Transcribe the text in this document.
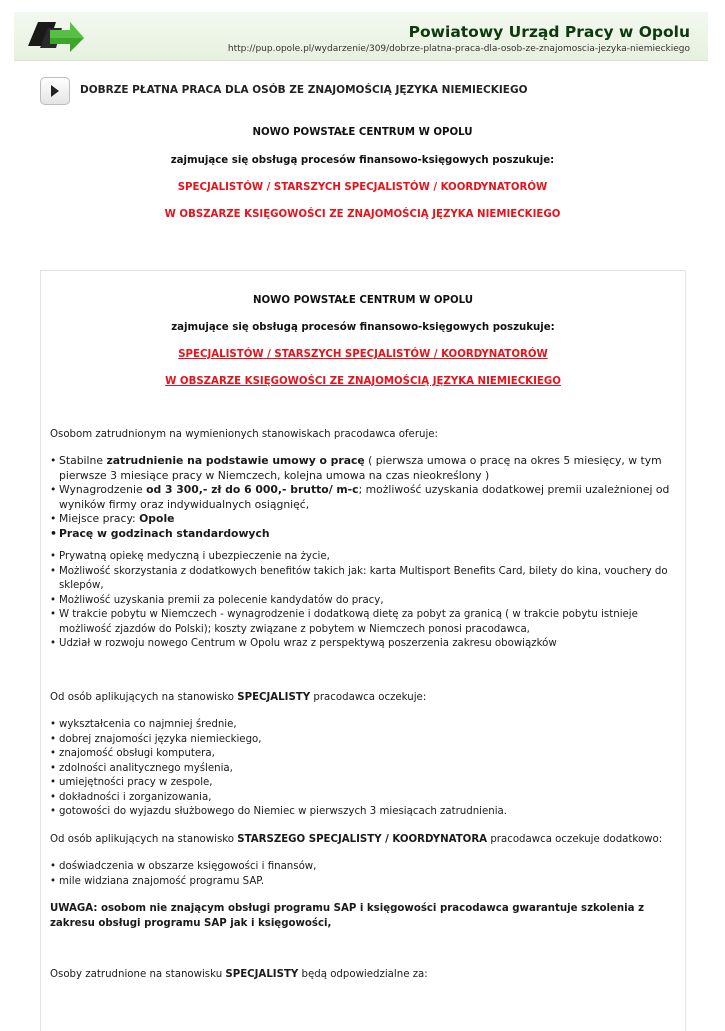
Powiatowy Urząd Pracy w Opolu
http://pup.opole.pl/wydarzenie/309/dobrze-platna-praca-dla-osob-ze-znajomoscia-jezyka-niemieckiego
DOBRZE PŁATNA PRACA DLA OSÓB ZE ZNAJOMOŚCIĄ JĘZYKA NIEMIECKIEGO
NOWO POWSTAŁE CENTRUM W OPOLU
zajmujące się obsługą procesów finansowo-księgowych poszukuje:
SPECJALISTÓW / STARSZYCH SPECJALISTÓW / KOORDYNATORÓW
W OBSZARZE KSIĘGOWOŚCI ZE ZNAJOMOŚCIĄ JĘZYKA NIEMIECKIEGO
NOWO POWSTAŁE CENTRUM W OPOLU
zajmujące się obsługą procesów finansowo-księgowych poszukuje:
SPECJALISTÓW / STARSZYCH SPECJALISTÓW / KOORDYNATORÓW
W OBSZARZE KSIĘGOWOŚCI ZE ZNAJOMOŚCIĄ JĘZYKA NIEMIECKIEGO
Osobom zatrudnionym na wymienionych stanowiskach pracodawca oferuje:
• Stabilne zatrudnienie na podstawie umowy o pracę ( pierwsza umowa o pracę na okres 5 miesięcy, w tym pierwsze 3 miesiące pracy w Niemczech, kolejna umowa na czas nieokreślony )
• Wynagrodzenie od 3 300,- zł do 6 000,- brutto/ m-c; możliwość uzyskania dodatkowej premii uzależnionej od wyników firmy oraz indywidualnych osiągnięć,
• Miejsce pracy: Opole
• Pracę w godzinach standardowych
• Prywatną opiekę medyczną i ubezpieczenie na życie,
• Możliwość skorzystania z dodatkowych benefitów takich jak: karta Multisport Benefits Card, bilety do kina, vouchery do sklepów,
• Możliwość uzyskania premii za polecenie kandydatów do pracy,
• W trakcie pobytu w Niemczech - wynagrodzenie i dodatkową dietę za pobyt za granicą ( w trakcie pobytu istnieje możliwość zjazdów do Polski); koszty związane z pobytem w Niemczech ponosi pracodawca,
• Udział w rozwoju nowego Centrum w Opolu wraz z perspektywą poszerzenia zakresu obowiązków
Od osób aplikujących na stanowisko SPECJALISTY pracodawca oczekuje:
• wykształcenia co najmniej średnie,
• dobrej znajomości języka niemieckiego,
• znajomość obsługi komputera,
• zdolności analitycznego myślenia,
• umiejętności pracy w zespole,
• dokładności i zorganizowania,
• gotowości do wyjazdu służbowego do Niemiec w pierwszych 3 miesiącach zatrudnienia.
Od osób aplikujących na stanowisko STARSZEGO SPECJALISTY / KOORDYNATORA pracodawca oczekuje dodatkowo:
• doświadczenia w obszarze księgowości i finansów,
• mile widziana znajomość programu SAP.
UWAGA: osobom nie znającym obsługi programu SAP i księgowości pracodawca gwarantuje szkolenia z zakresu obsługi programu SAP jak i księgowości,
Osoby zatrudnione na stanowisku SPECJALISTY będą odpowiedzialne za:
